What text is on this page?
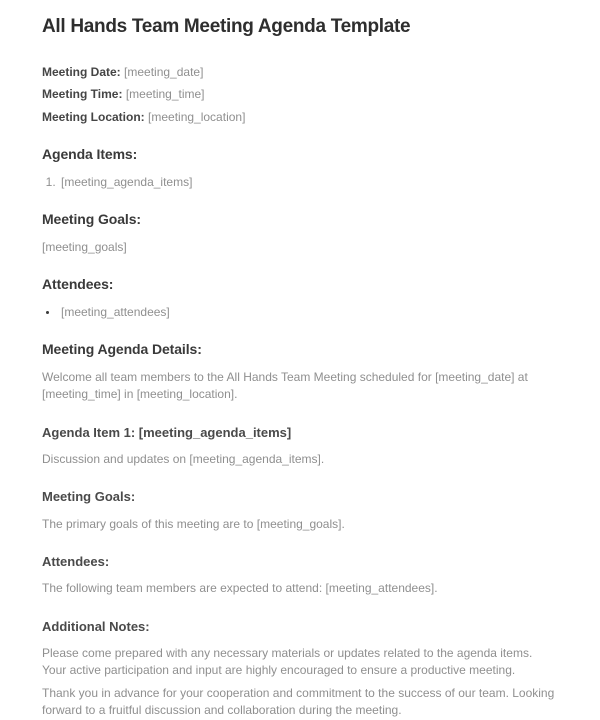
All Hands Team Meeting Agenda Template

Meeting Date: [meeting_date]

Meeting Time: [meeting_time]

Meeting Location: [meeting_location]

Agenda Items:
1. [meeting_agenda_items]
Meeting Goals:

[meeting_goals]

Attendees:
• [meeting_attendees]
Meeting Agenda Details:

Welcome all team members to the All Hands Team Meeting scheduled for [meeting_date] at [meeting_time] in [meeting_location].

Agenda Item 1: [meeting_agenda_items]

Discussion and updates on [meeting_agenda_items].

Meeting Goals:

The primary goals of this meeting are to [meeting_goals].

Attendees:

The following team members are expected to attend: [meeting_attendees].

Additional Notes:

Please come prepared with any necessary materials or updates related to the agenda items. Your active participation and input are highly encouraged to ensure a productive meeting.

Thank you in advance for your cooperation and commitment to the success of our team. Looking forward to a fruitful discussion and collaboration during the meeting.
